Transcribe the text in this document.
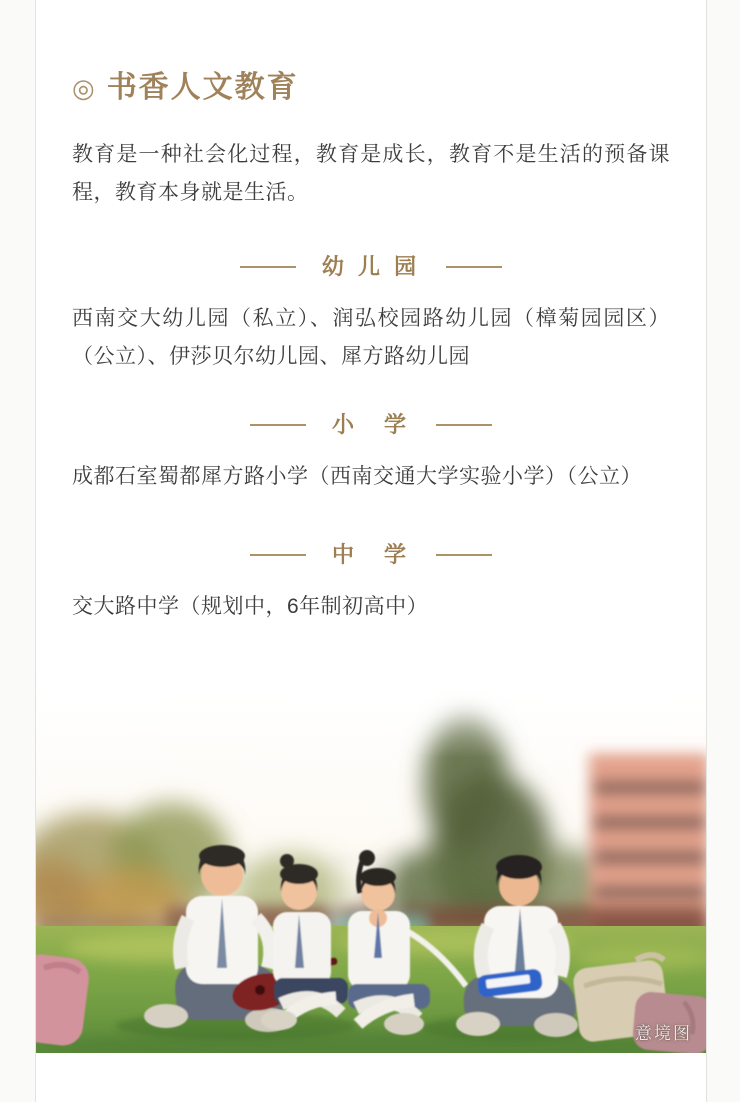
◎ 书香人文教育

教育是一种社会化过程，教育是成长，教育不是生活的预备课程，教育本身就是生活。

幼 儿 园

西南交大幼儿园（私立）、润弘校园路幼儿园（樟菊园园区）（公立）、伊莎贝尔幼儿园、犀方路幼儿园

小　学

成都石室蜀都犀方路小学（西南交通大学实验小学）（公立）

中　学

交大路中学（规划中，6年制初高中）

意境图
